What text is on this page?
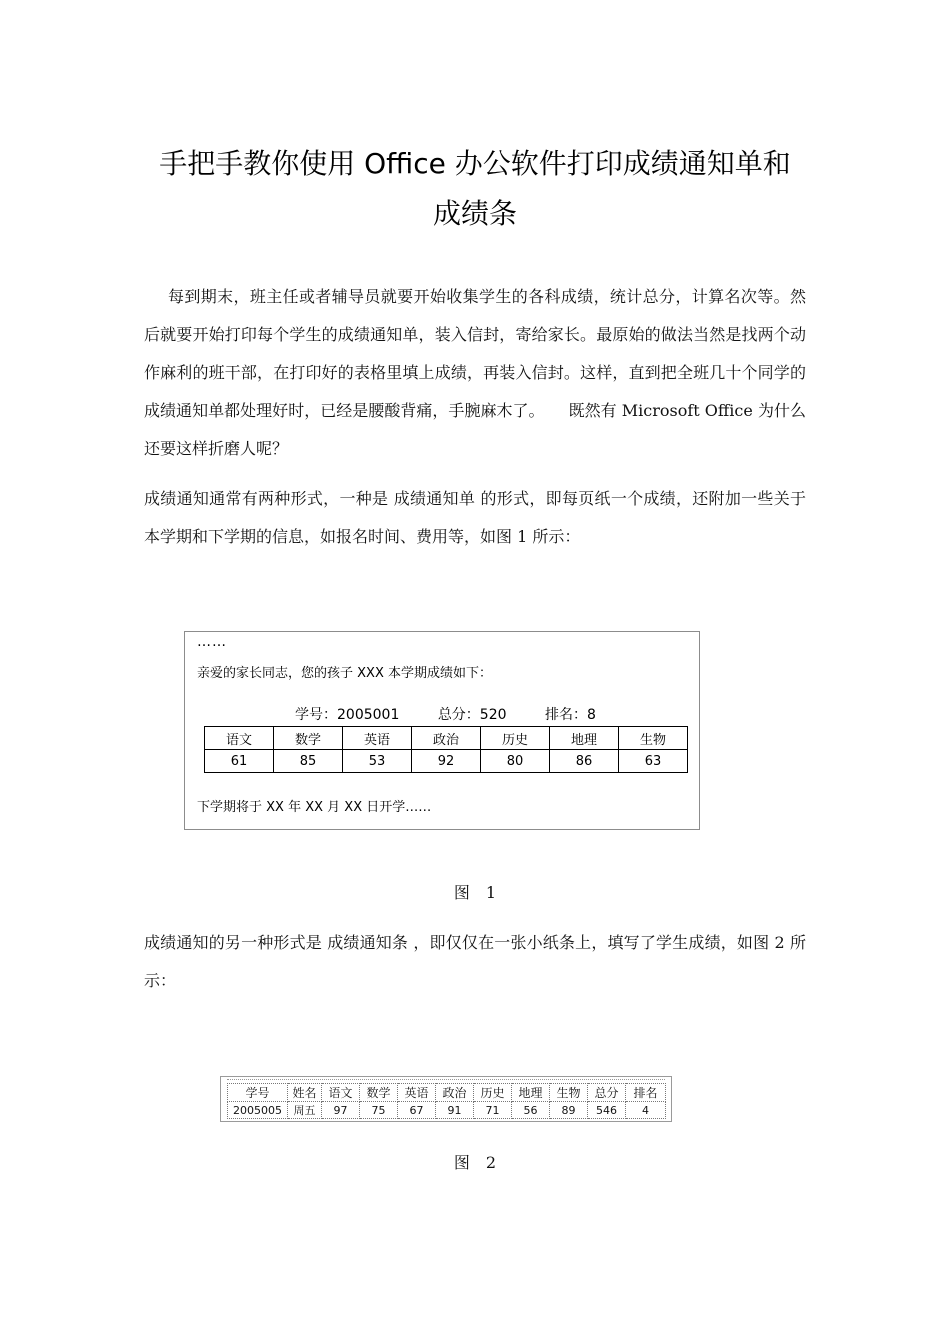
手把手教你使用 Office 办公软件打印成绩通知单和
成绩条

每到期末，班主任或者辅导员就要开始收集学生的各科成绩，统计总分，计算名次等。然后就要开始打印每个学生的成绩通知单，装入信封，寄给家长。最原始的做法当然是找两个动作麻利的班干部，在打印好的表格里填上成绩，再装入信封。这样，直到把全班几十个同学的成绩通知单都处理好时，已经是腰酸背痛，手腕麻木了。　　既然有 Microsoft Office 为什么还要这样折磨人呢？

成绩通知通常有两种形式，一种是 成绩通知单 的形式，即每页纸一个成绩，还附加一些关于本学期和下学期的信息，如报名时间、费用等，如图 1 所示：

……
亲爱的家长同志，您的孩子 XXX 本学期成绩如下：
学号：2005001	总分：520	排名：8
语文	数学	英语	政治	历史	地理	生物
61	85	53	92	80	86	63
下学期将于 XX 年 XX 月 XX 日开学……
图　1

成绩通知的另一种形式是 成绩通知条 ，即仅仅在一张小纸条上，填写了学生成绩，如图 2 所示：

学号	姓名	语文	数学	英语	政治	历史	地理	生物	总分	排名
2005005	周五	97	75	67	91	71	56	89	546	4
图　2
